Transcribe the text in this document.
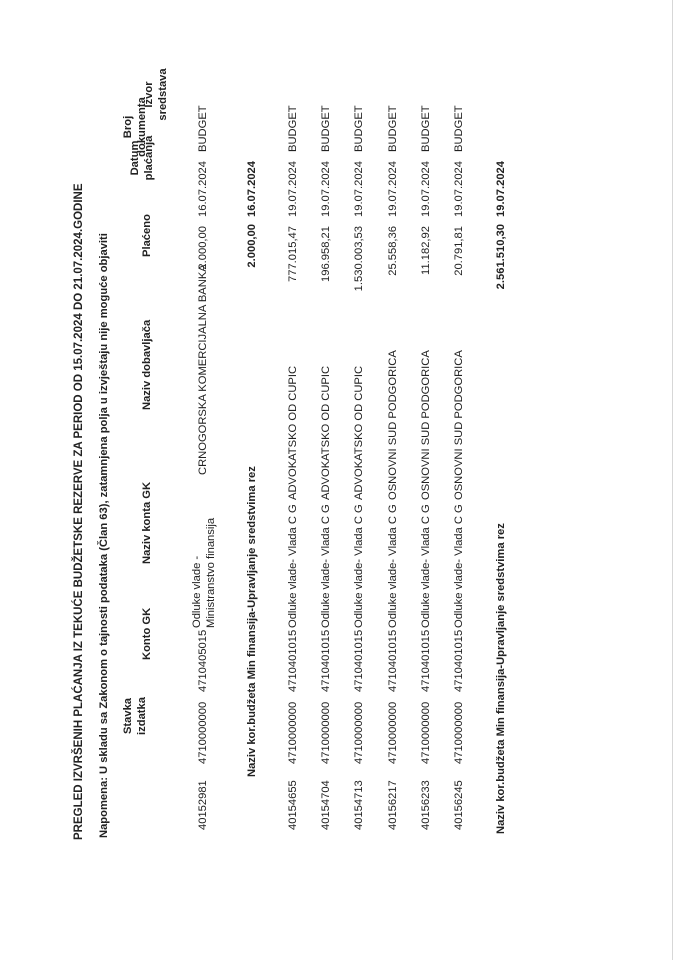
PREGLED IZVRŠENIH PLAĆANJA IZ TEKUĆE BUDŽETSKE REZERVE ZA PERIOD OD 15.07.2024 DO 21.07.2024.GODINE Napomena: U skladu sa Zakonom o tajnosti podataka (Član 63), zatamnjena polja u izvještaju nije moguće objaviti
Broj dokumenta
Stavka izdatka
Konto GK
Naziv konta GK
Naziv dobavljača
Plaćeno
Datum plaćanja
Izvor sredstava
40152981
4710000000
4710405015
Odluke vlade - Ministranstvo finansija
CRNOGORSKA KOMERCIJALNA BANKA
2.000,00
16.07.2024
BUDGET
Naziv kor.budžeta Min finansija-Upravljanje sredstvima rez
2.000,00
16.07.2024
40154655
4710000000
4710401015
Odluke vlade- Vlada C G
ADVOKATSKO OD CUPIC
777.015,47
19.07.2024
BUDGET
40154704
4710000000
4710401015
Odluke vlade- Vlada C G
ADVOKATSKO OD CUPIC
196.958,21
19.07.2024
BUDGET
40154713
4710000000
4710401015
Odluke vlade- Vlada C G
ADVOKATSKO OD CUPIC
1.530.003,53
19.07.2024
BUDGET
40156217
4710000000
4710401015
Odluke vlade- Vlada C G
OSNOVNI SUD PODGORICA
25.558,36
19.07.2024
BUDGET
40156233
4710000000
4710401015
Odluke vlade- Vlada C G
OSNOVNI SUD PODGORICA
11.182,92
19.07.2024
BUDGET
40156245
4710000000
4710401015
Odluke vlade- Vlada C G
OSNOVNI SUD PODGORICA
20.791,81
19.07.2024
BUDGET
Naziv kor.budžeta Min finansija-Upravljanje sredstvima rez
2.561.510,30
19.07.2024
